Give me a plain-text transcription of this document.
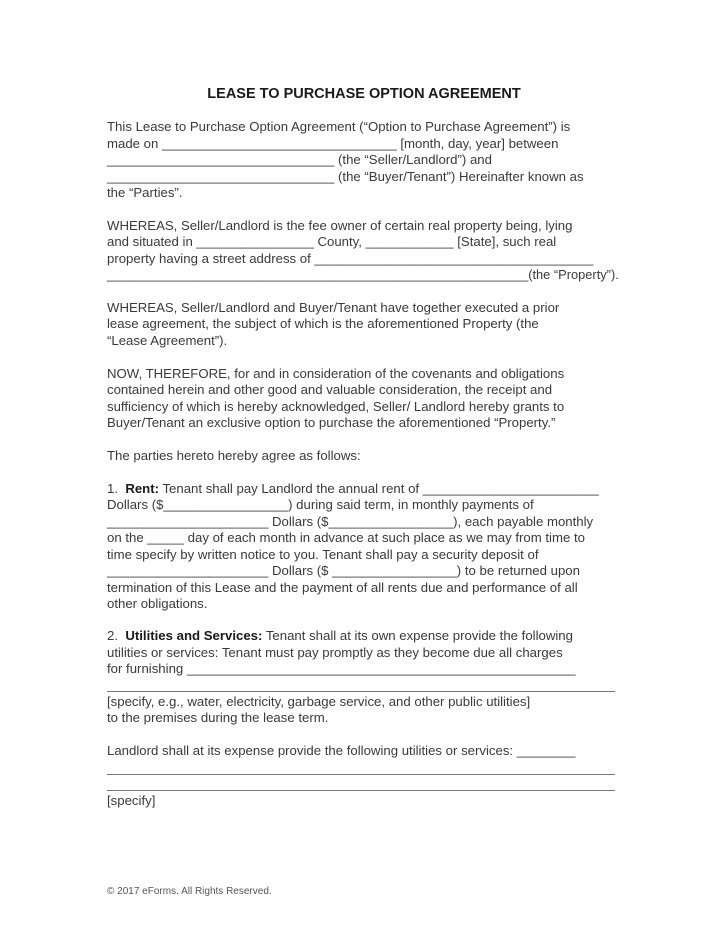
LEASE TO PURCHASE OPTION AGREEMENT
This Lease to Purchase Option Agreement (“Option to Purchase Agreement”) is
made on ________________________________ [month, day, year] between
_______________________________ (the “Seller/Landlord”) and
_______________________________ (the “Buyer/Tenant”) Hereinafter known as
the “Parties”.
WHEREAS, Seller/Landlord is the fee owner of certain real property being, lying
and situated in ________________ County, ____________ [State], such real
property having a street address of ______________________________________
___________________________________________________________(the “Property”).
WHEREAS, Seller/Landlord and Buyer/Tenant have together executed a prior
lease agreement, the subject of which is the aforementioned Property (the
“Lease Agreement”).
NOW, THEREFORE, for and in consideration of the covenants and obligations
contained herein and other good and valuable consideration, the receipt and
sufficiency of which is hereby acknowledged, Seller/ Landlord hereby grants to
Buyer/Tenant an exclusive option to purchase the aforementioned “Property.”
The parties hereto hereby agree as follows:
1. Rent: Tenant shall pay Landlord the annual rent of ________________________
Dollars ($_________________) during said term, in monthly payments of
______________________ Dollars ($_________________), each payable monthly
on the _____ day of each month in advance at such place as we may from time to
time specify by written notice to you. Tenant shall pay a security deposit of
______________________ Dollars ($ _________________) to be returned upon
termination of this Lease and the payment of all rents due and performance of all
other obligations.
2. Utilities and Services: Tenant shall at its own expense provide the following
utilities or services: Tenant must pay promptly as they become due all charges
for furnishing _____________________________________________________
[specify, e.g., water, electricity, garbage service, and other public utilities]
to the premises during the lease term.
Landlord shall at its expense provide the following utilities or services: ________
[specify]
© 2017 eForms. All Rights Reserved.
